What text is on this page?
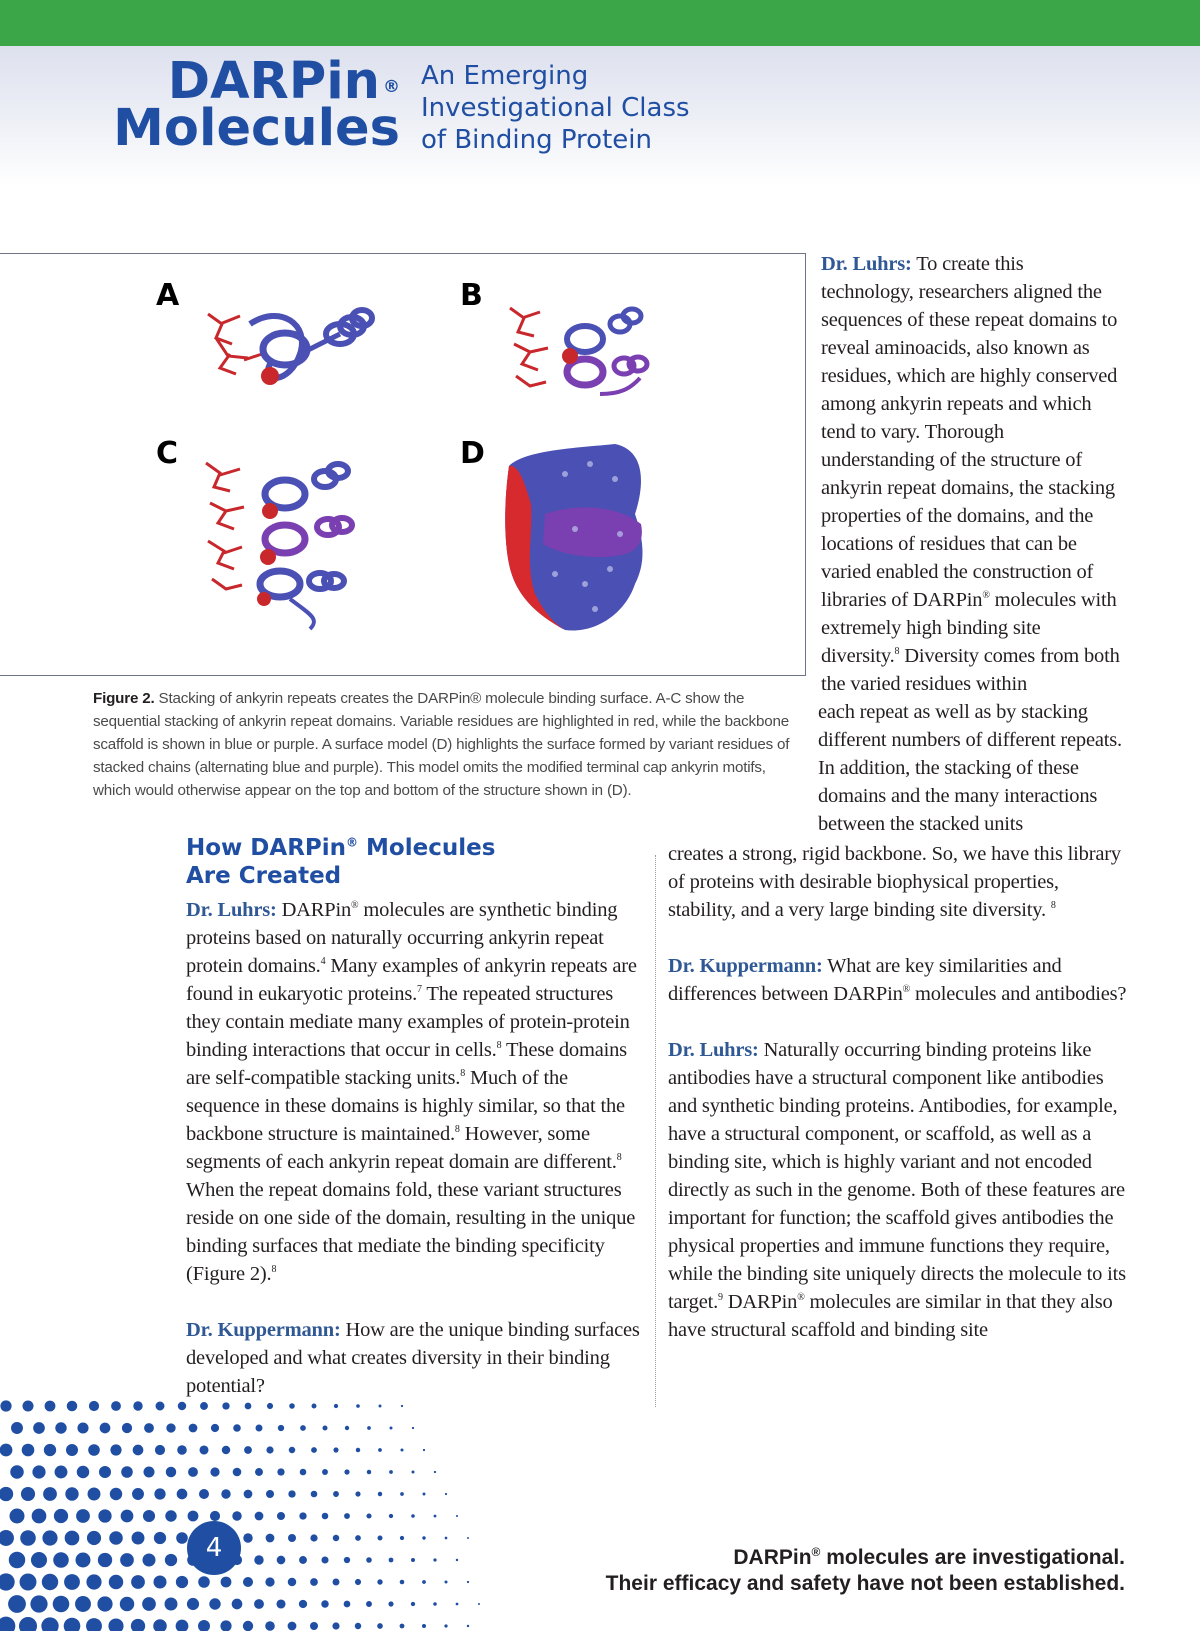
DARPin ®
Molecules
An Emerging
Investigational Class
of Binding Protein
A	B
C	D
Figure 2. Stacking of ankyrin repeats creates the DARPin® molecule binding surface. A-C show the sequential stacking of ankyrin repeat domains. Variable residues are highlighted in red, while the backbone scaffold is shown in blue or purple. A surface model (D) highlights the surface formed by variant residues of stacked chains (alternating blue and purple). This model omits the modified terminal cap ankyrin motifs, which would otherwise appear on the top and bottom of the structure shown in (D).

Dr. Luhrs: To create this technology, researchers aligned the sequences of these repeat domains to reveal aminoacids, also known as residues, which are highly conserved among ankyrin repeats and which tend to vary. Thorough understanding of the structure of ankyrin repeat domains, the stacking properties of the domains, and the locations of residues that can be varied enabled the construction of libraries of DARPin® molecules with extremely high binding site diversity.$^8$ Diversity comes from both the varied residues within

each repeat as well as by stacking different numbers of different repeats. In addition, the stacking of these domains and the many interactions between the stacked units

How DARPin® Molecules
Are Created

Dr. Luhrs: DARPin® molecules are synthetic binding proteins based on naturally occurring ankyrin repeat protein domains.$^4$ Many examples of ankyrin repeats are found in eukaryotic proteins.$^7$ The repeated structures they contain mediate many examples of protein-protein binding interactions that occur in cells.$^8$ These domains are self-compatible stacking units.$^8$ Much of the sequence in these domains is highly similar, so that the backbone structure is maintained.$^8$ However, some segments of each ankyrin repeat domain are different.$^8$ When the repeat domains fold, these variant structures reside on one side of the domain, resulting in the unique binding surfaces that mediate the binding specificity (Figure 2).$^8$

Dr. Kuppermann: How are the unique binding surfaces developed and what creates diversity in their binding potential?

creates a strong, rigid backbone. So, we have this library of proteins with desirable biophysical properties, stability, and a very large binding site diversity. $^8$

Dr. Kuppermann: What are key similarities and differences between DARPin® molecules and antibodies?

Dr. Luhrs: Naturally occurring binding proteins like antibodies have a structural component like antibodies and synthetic binding proteins. Antibodies, for example, have a structural component, or scaffold, as well as a binding site, which is highly variant and not encoded directly as such in the genome. Both of these features are important for function; the scaffold gives antibodies the physical properties and immune functions they require, while the binding site uniquely directs the molecule to its target.$^9$ DARPin® molecules are similar in that they also have structural scaffold and binding site

4	DARPin® molecules are investigational.
Their efficacy and safety have not been established.
